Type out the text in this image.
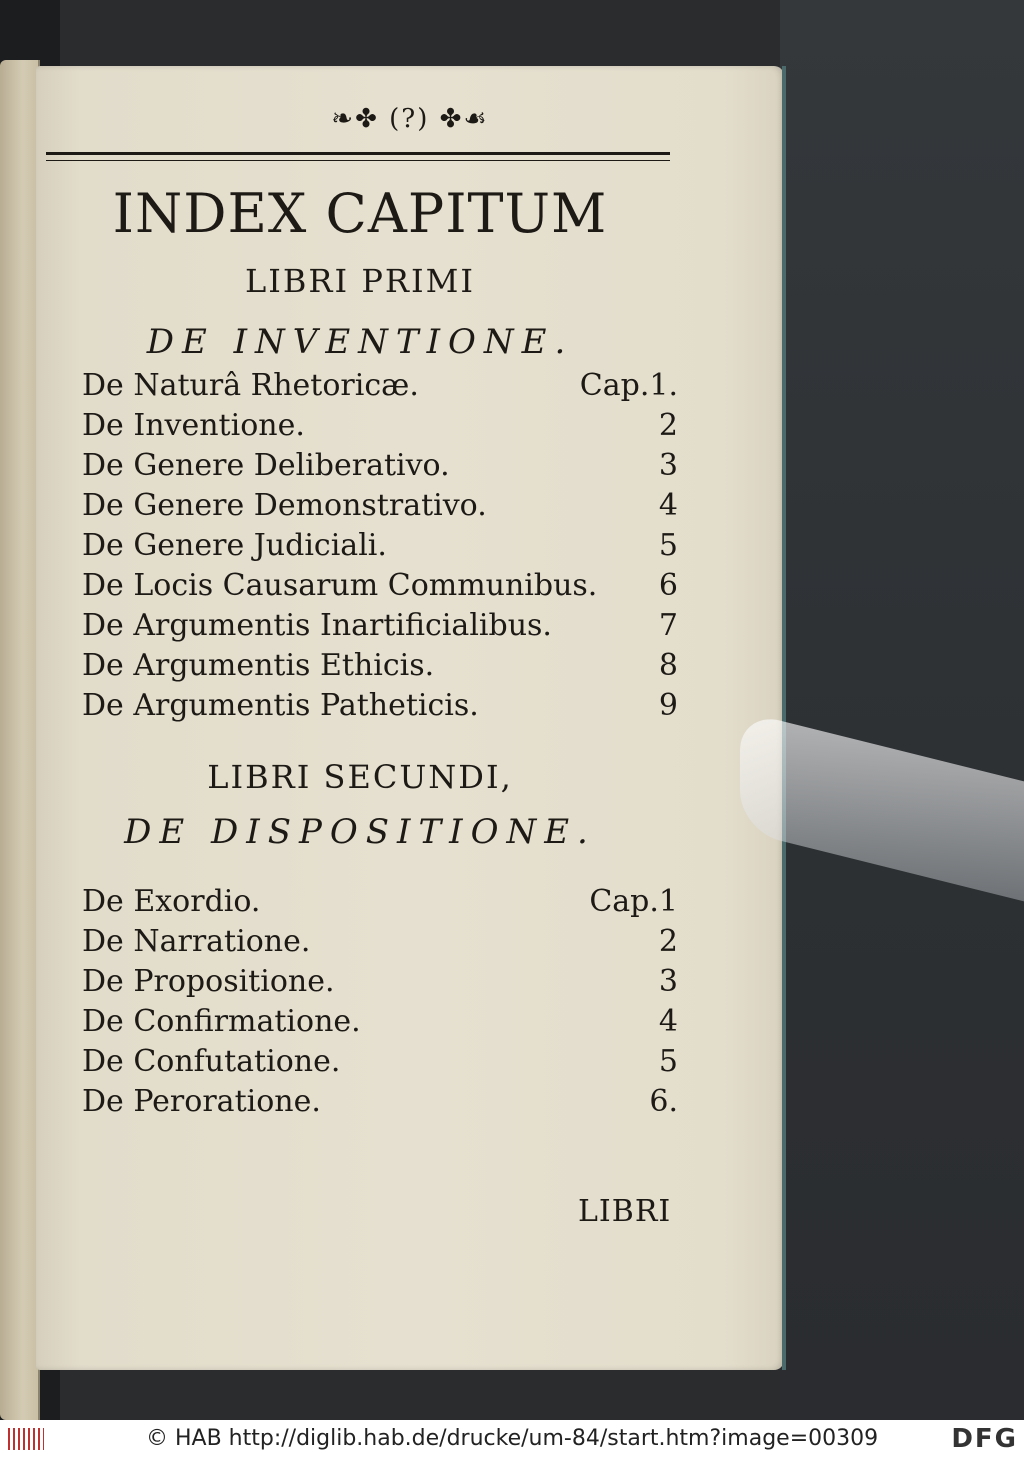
❧✤ (?) ✤☙
INDEX CAPITUM
LIBRI PRIMI
DE INVENTIONE.
De Naturâ Rhetoricæ.	Cap.1.
De Inventione.	2
De Genere Deliberativo.	3
De Genere Demonstrativo.	4
De Genere Judiciali.	5
De Locis Causarum Communibus. 6
De Argumentis Inartificialibus.	7
De Argumentis Ethicis.	8
De Argumentis Patheticis.	9
LIBRI SECUNDI,
DE DISPOSITIONE.
De Exordio.	Cap.1
De Narratione.	2
De Propositione.	3
De Confirmatione.	4
De Confutatione.	5
De Peroratione.	6.
LIBRI
© HAB http://diglib.hab.de/drucke/um-84/start.htm?image=00309	DFG
